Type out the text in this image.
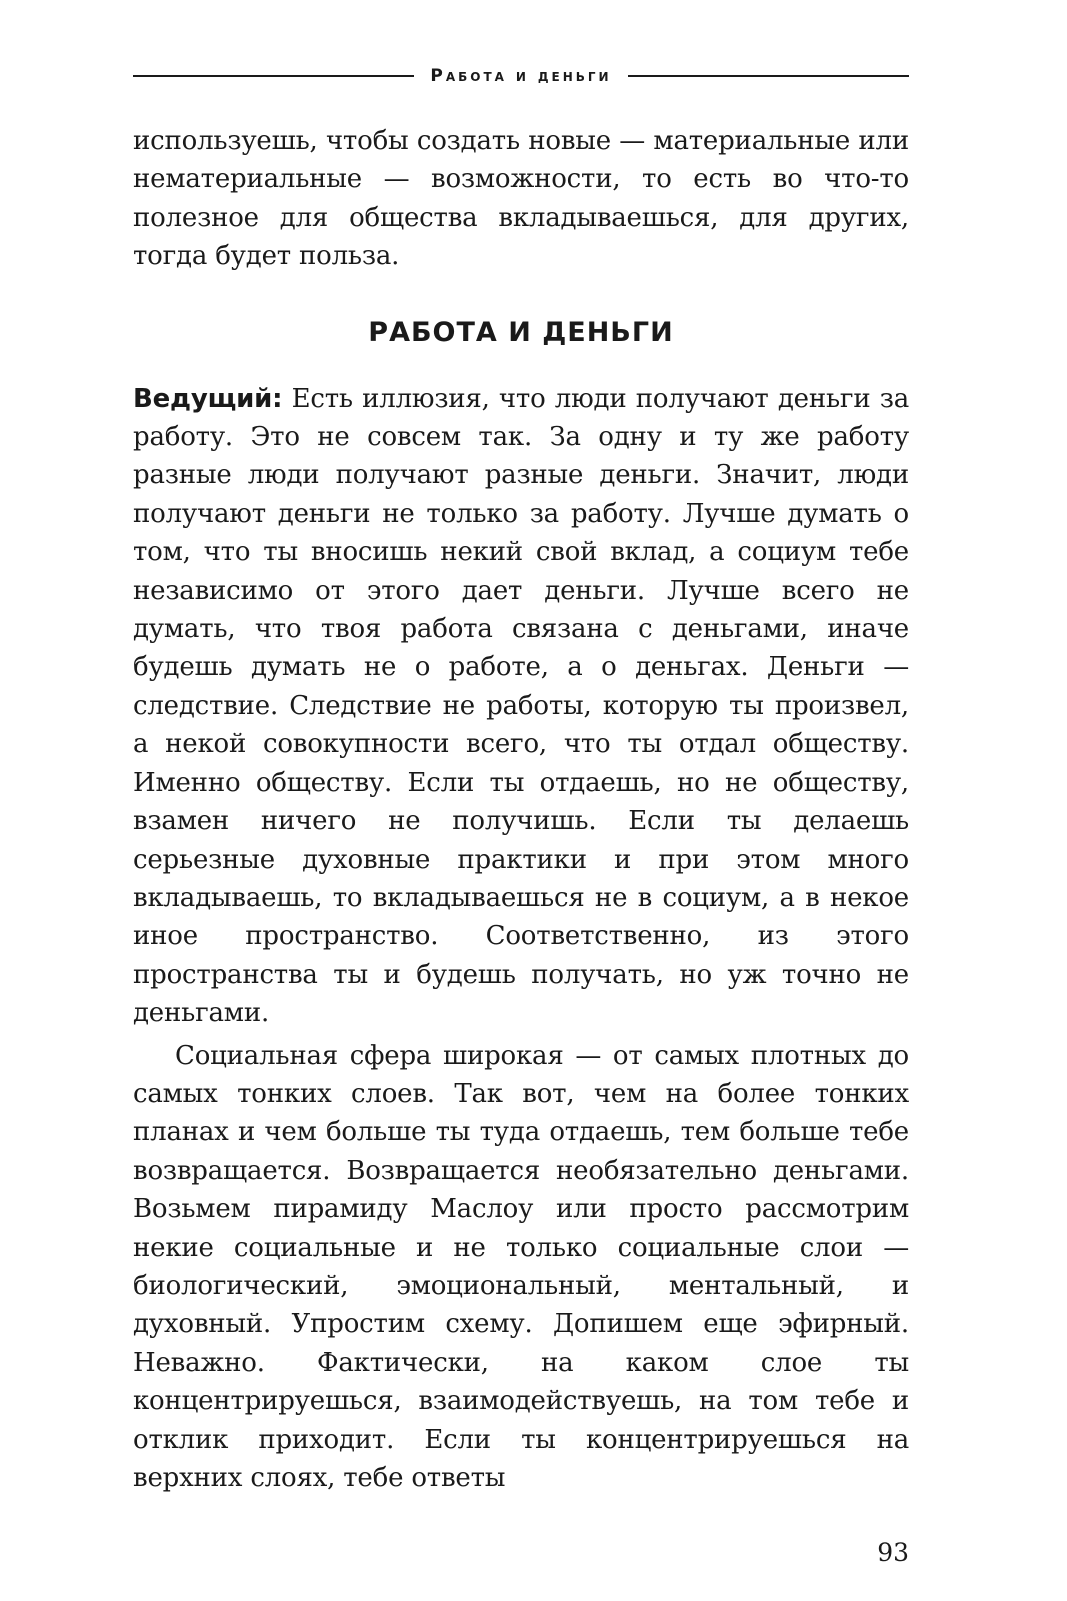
Работа и деньги

используешь, чтобы создать новые — материальные или нематериальные — возможности, то есть во что-то полезное для общества вкладываешься, для других, тогда будет польза.

РАБОТА И ДЕНЬГИ

Ведущий: Есть иллюзия, что люди получают деньги за работу. Это не совсем так. За одну и ту же работу разные люди получают разные деньги. Значит, люди получают деньги не только за работу. Лучше думать о том, что ты вносишь некий свой вклад, а социум тебе независимо от этого дает деньги. Лучше всего не думать, что твоя работа связана с деньгами, иначе будешь думать не о работе, а о деньгах. Деньги — следствие. Следствие не работы, которую ты произвел, а некой совокупности всего, что ты отдал обществу. Именно обществу. Если ты отдаешь, но не обществу, взамен ничего не получишь. Если ты делаешь серьезные духовные практики и при этом много вкладываешь, то вкладываешься не в социум, а в некое иное пространство. Соответственно, из этого пространства ты и будешь получать, но уж точно не деньгами.

Социальная сфера широкая — от самых плотных до самых тонких слоев. Так вот, чем на более тонких планах и чем больше ты туда отдаешь, тем больше тебе возвращается. Возвращается необязательно деньгами. Возьмем пирамиду Маслоу или просто рассмотрим некие социальные и не только социальные слои — биологический, эмоциональный, ментальный, и духовный. Упростим схему. Допишем еще эфирный. Неважно. Фактически, на каком слое ты концентрируешься, взаимодействуешь, на том тебе и отклик приходит. Если ты концентрируешься на верхних слоях, тебе ответы

93
